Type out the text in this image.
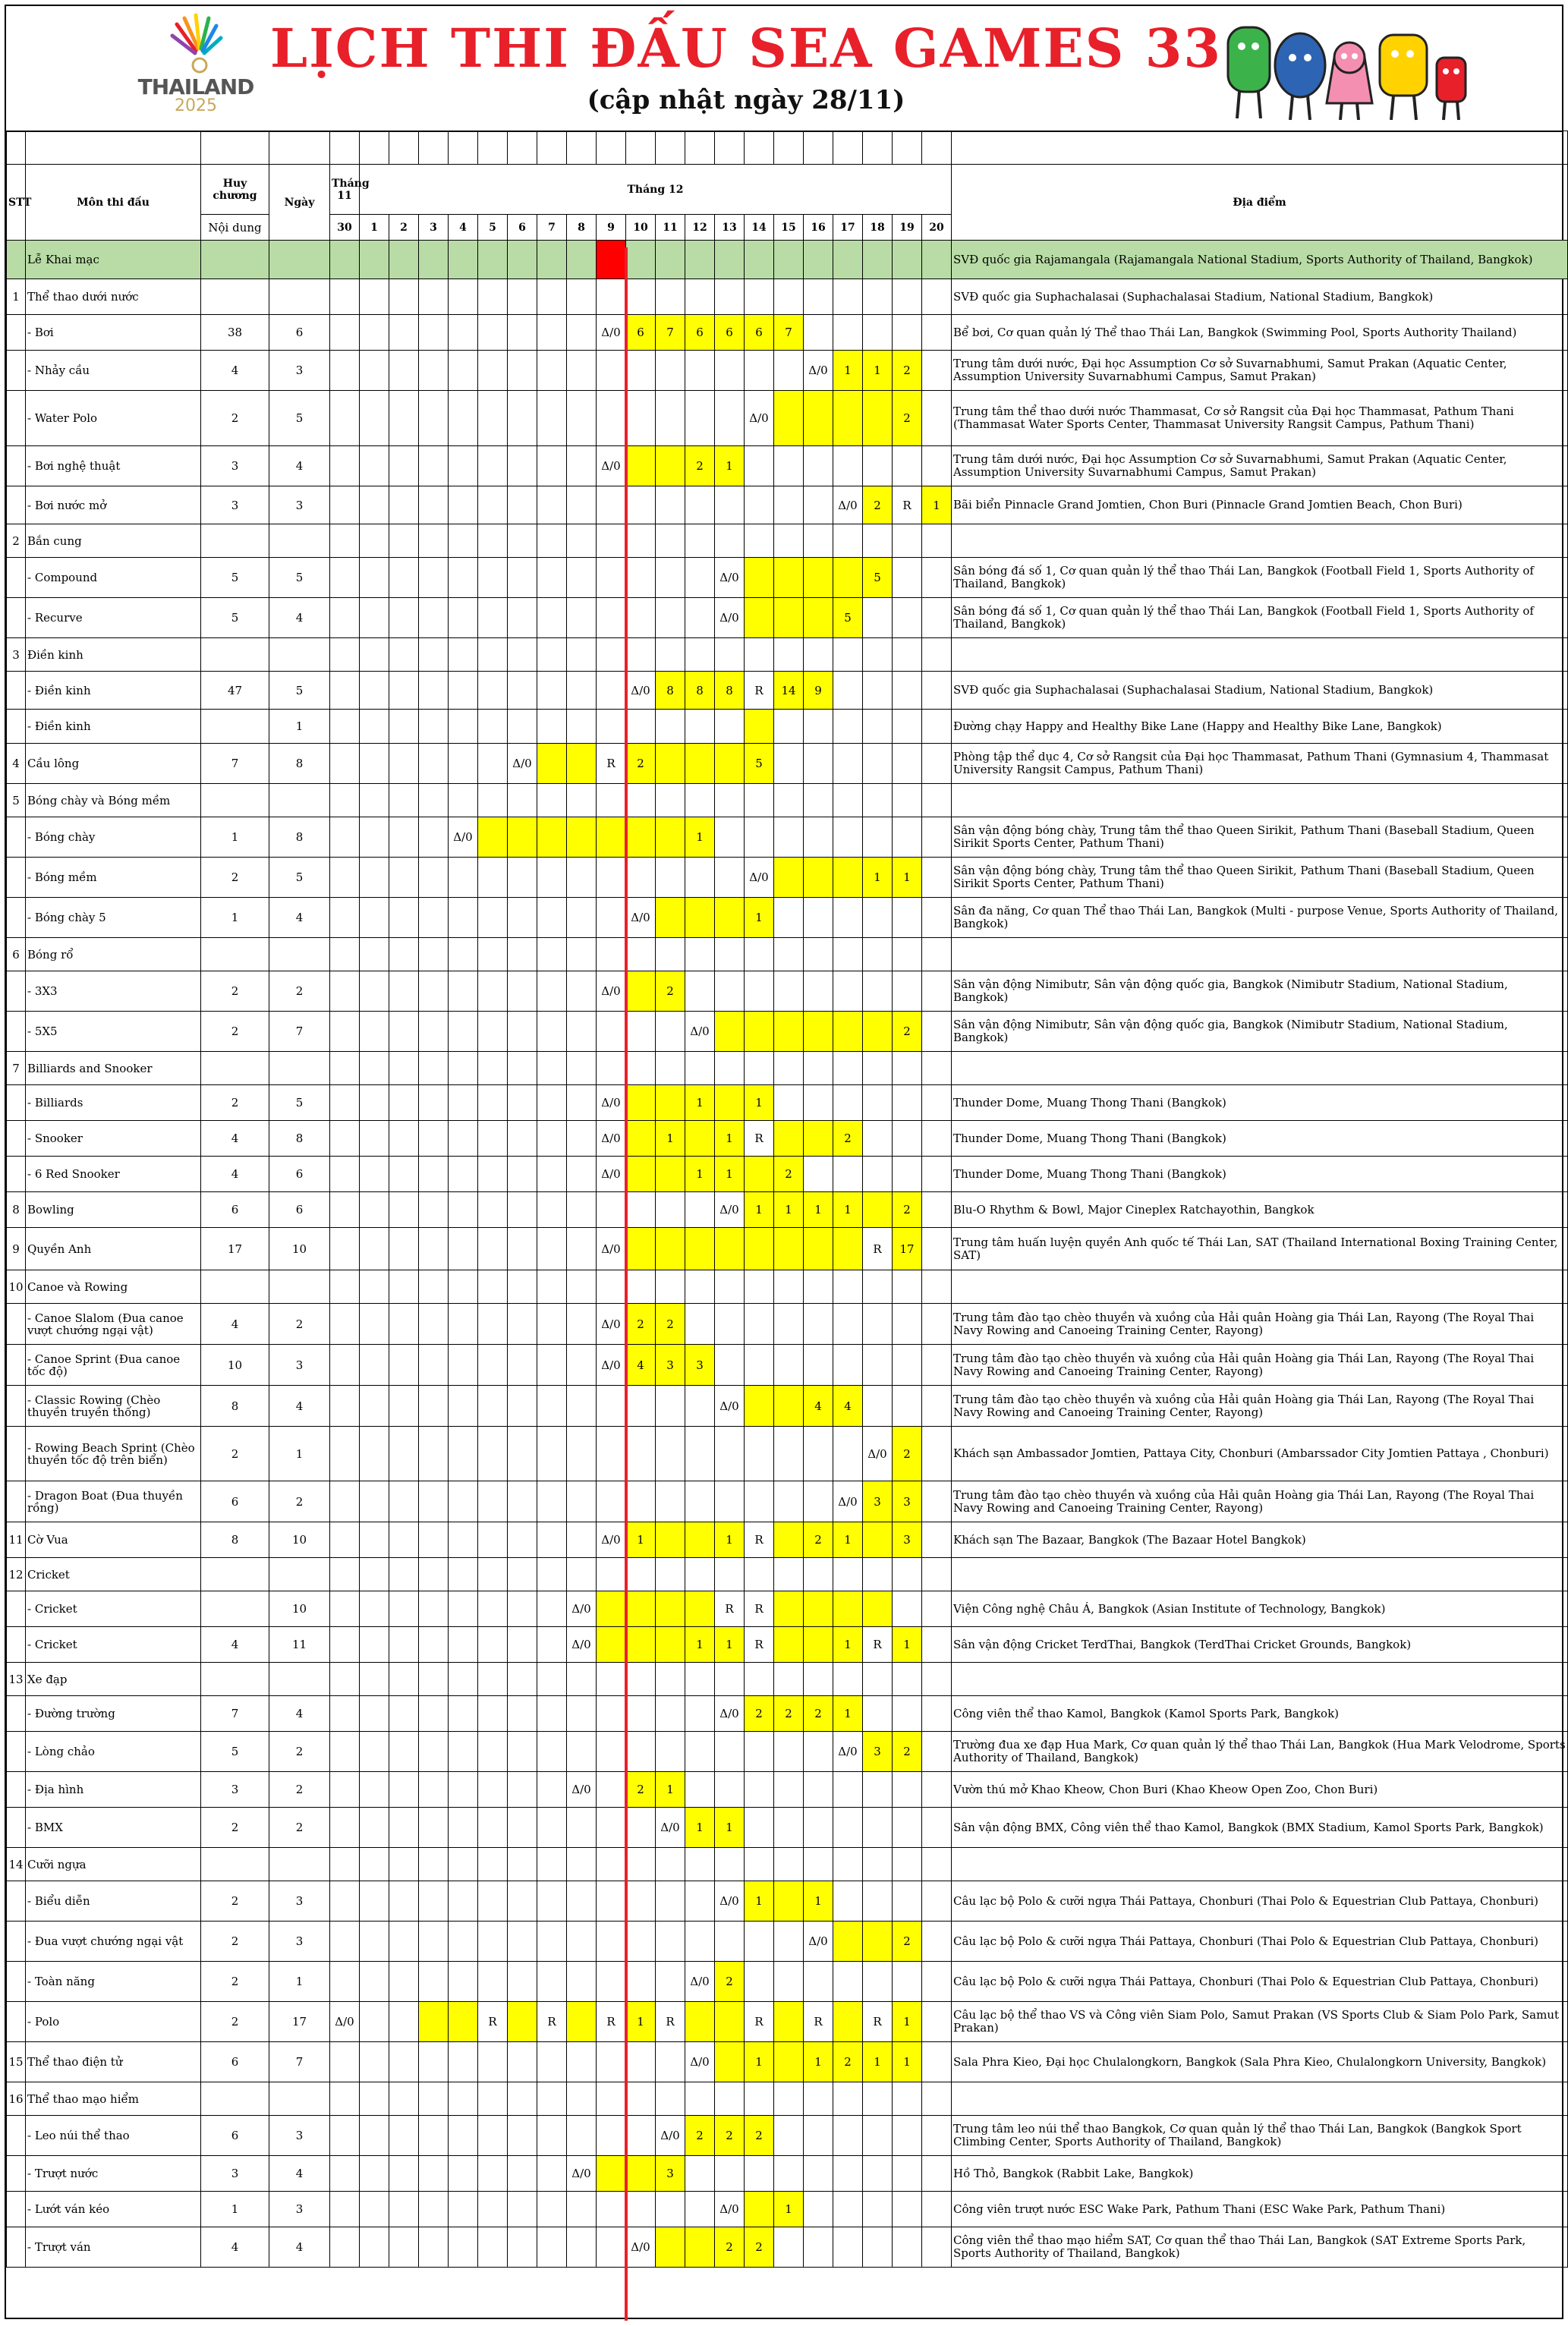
THAILAND
2025
LỊCH THI ĐẤU SEA GAMES 33
(cập nhật ngày 28/11)

STT	Môn thi đấu	Huy chương	Ngày	Tháng 11	Tháng 12																				Địa điểm
		Nội dung		30	1	2	3	4	5	6	7	8	9	10	11	12	13	14	15	16	17	18	19	20	
	Lễ Khai mạc																								SVĐ quốc gia Rajamangala (Rajamangala National Stadium, Sports Authority of Thailand, Bangkok)
1	Thể thao dưới nước																								SVĐ quốc gia Suphachalasai (Suphachalasai Stadium, National Stadium, Bangkok)
	- Bơi	38	6										Δ/0	6	7	6	6	6	7						Bể bơi, Cơ quan quản lý Thể thao Thái Lan, Bangkok (Swimming Pool, Sports Authority Thailand)
	- Nhảy cầu	4	3																	Δ/0	1	1	2		Trung tâm dưới nước, Đại học Assumption Cơ sở Suvarnabhumi, Samut Prakan (Aquatic Center, Assumption University Suvarnabhumi Campus, Samut Prakan)
	- Water Polo	2	5															Δ/0					2		Trung tâm thể thao dưới nước Thammasat, Cơ sở Rangsit của Đại học Thammasat, Pathum Thani (Thammasat Water Sports Center, Thammasat University Rangsit Campus, Pathum Thani)
	- Bơi nghệ thuật	3	4										Δ/0			2	1								Trung tâm dưới nước, Đại học Assumption Cơ sở Suvarnabhumi, Samut Prakan (Aquatic Center, Assumption University Suvarnabhumi Campus, Samut Prakan)
	- Bơi nước mở	3	3																		Δ/0	2	R	1	Bãi biển Pinnacle Grand Jomtien, Chon Buri (Pinnacle Grand Jomtien Beach, Chon Buri)
2	Bắn cung																								
	- Compound	5	5														Δ/0					5			Sân bóng đá số 1, Cơ quan quản lý thể thao Thái Lan, Bangkok (Football Field 1, Sports Authority of Thailand, Bangkok)
	- Recurve	5	4														Δ/0				5				Sân bóng đá số 1, Cơ quan quản lý thể thao Thái Lan, Bangkok (Football Field 1, Sports Authority of Thailand, Bangkok)
3	Điền kinh																								
	- Điền kinh	47	5											Δ/0	8	8	8	R	14	9					SVĐ quốc gia Suphachalasai (Suphachalasai Stadium, National Stadium, Bangkok)
	- Điền kinh		1																						Đường chạy Happy and Healthy Bike Lane (Happy and Healthy Bike Lane, Bangkok)
4	Cầu lông	7	8							Δ/0			R	2				5							Phòng tập thể dục 4, Cơ sở Rangsit của Đại học Thammasat, Pathum Thani (Gymnasium 4, Thammasat University Rangsit Campus, Pathum Thani)
5	Bóng chày và Bóng mềm																								
	- Bóng chày	1	8					Δ/0								1									Sân vận động bóng chày, Trung tâm thể thao Queen Sirikit, Pathum Thani (Baseball Stadium, Queen Sirikit Sports Center, Pathum Thani)
	- Bóng mềm	2	5															Δ/0				1	1		Sân vận động bóng chày, Trung tâm thể thao Queen Sirikit, Pathum Thani (Baseball Stadium, Queen Sirikit Sports Center, Pathum Thani)
	- Bóng chày 5	1	4											Δ/0				1							Sân đa năng, Cơ quan Thể thao Thái Lan, Bangkok (Multi - purpose Venue, Sports Authority of Thailand, Bangkok)
6	Bóng rổ																								
	- 3X3	2	2										Δ/0		2										Sân vận động Nimibutr, Sân vận động quốc gia, Bangkok (Nimibutr Stadium, National Stadium, Bangkok)
	- 5X5	2	7													Δ/0							2		Sân vận động Nimibutr, Sân vận động quốc gia, Bangkok (Nimibutr Stadium, National Stadium, Bangkok)
7	Billiards and Snooker																								
	- Billiards	2	5										Δ/0			1		1							Thunder Dome, Muang Thong Thani (Bangkok)
	- Snooker	4	8										Δ/0		1		1	R			2				Thunder Dome, Muang Thong Thani (Bangkok)
	- 6 Red Snooker	4	6										Δ/0			1	1		2						Thunder Dome, Muang Thong Thani (Bangkok)
8	Bowling	6	6														Δ/0	1	1	1	1		2		Blu-O Rhythm & Bowl, Major Cineplex Ratchayothin, Bangkok
9	Quyền Anh	17	10										Δ/0									R	17		Trung tâm huấn luyện quyền Anh quốc tế Thái Lan, SAT (Thailand International Boxing Training Center, SAT)
10	Canoe và Rowing																								
	- Canoe Slalom (Đua canoe vượt chướng ngại vật)	4	2										Δ/0	2	2										Trung tâm đào tạo chèo thuyền và xuồng của Hải quân Hoàng gia Thái Lan, Rayong (The Royal Thai Navy Rowing and Canoeing Training Center, Rayong)
	- Canoe Sprint (Đua canoe tốc độ)	10	3										Δ/0	4	3	3									Trung tâm đào tạo chèo thuyền và xuồng của Hải quân Hoàng gia Thái Lan, Rayong (The Royal Thai Navy Rowing and Canoeing Training Center, Rayong)
	- Classic Rowing (Chèo thuyền truyền thống)	8	4														Δ/0			4	4				Trung tâm đào tạo chèo thuyền và xuồng của Hải quân Hoàng gia Thái Lan, Rayong (The Royal Thai Navy Rowing and Canoeing Training Center, Rayong)
	- Rowing Beach Sprint (Chèo thuyền tốc độ trên biển)	2	1																			Δ/0	2		Khách sạn Ambassador Jomtien, Pattaya City, Chonburi (Ambarssador City Jomtien Pattaya , Chonburi)
	- Dragon Boat (Đua thuyền rồng)	6	2																		Δ/0	3	3		Trung tâm đào tạo chèo thuyền và xuồng của Hải quân Hoàng gia Thái Lan, Rayong (The Royal Thai Navy Rowing and Canoeing Training Center, Rayong)
11	Cờ Vua	8	10										Δ/0	1			1	R		2	1		3		Khách sạn The Bazaar, Bangkok (The Bazaar Hotel Bangkok)
12	Cricket																								
	- Cricket		10									Δ/0					R	R							Viện Công nghệ Châu Á, Bangkok (Asian Institute of Technology, Bangkok)
	- Cricket	4	11									Δ/0				1	1	R			1	R	1		Sân vận động Cricket TerdThai, Bangkok (TerdThai Cricket Grounds, Bangkok)
13	Xe đạp																								
	- Đường trường	7	4														Δ/0	2	2	2	1				Công viên thể thao Kamol, Bangkok (Kamol Sports Park, Bangkok)
	- Lòng chảo	5	2																		Δ/0	3	2		Trường đua xe đạp Hua Mark, Cơ quan quản lý thể thao Thái Lan, Bangkok (Hua Mark Velodrome, Sports Authority of Thailand, Bangkok)
	- Địa hình	3	2									Δ/0		2	1										Vườn thú mở Khao Kheow, Chon Buri (Khao Kheow Open Zoo, Chon Buri)
	- BMX	2	2												Δ/0	1	1								Sân vận động BMX, Công viên thể thao Kamol, Bangkok (BMX Stadium, Kamol Sports Park, Bangkok)
14	Cưỡi ngựa																								
	- Biểu diễn	2	3														Δ/0	1		1					Câu lạc bộ Polo & cưỡi ngựa Thái Pattaya, Chonburi (Thai Polo & Equestrian Club Pattaya, Chonburi)
	- Đua vượt chướng ngại vật	2	3																	Δ/0			2		Câu lạc bộ Polo & cưỡi ngựa Thái Pattaya, Chonburi (Thai Polo & Equestrian Club Pattaya, Chonburi)
	- Toàn năng	2	1													Δ/0	2								Câu lạc bộ Polo & cưỡi ngựa Thái Pattaya, Chonburi (Thai Polo & Equestrian Club Pattaya, Chonburi)
	- Polo	2	17	Δ/0					R		R		R	1	R			R		R		R	1		Câu lạc bộ thể thao VS và Công viên Siam Polo, Samut Prakan (VS Sports Club & Siam Polo Park, Samut Prakan)
15	Thể thao điện tử	6	7													Δ/0		1		1	2	1	1		Sala Phra Kieo, Đại học Chulalongkorn, Bangkok (Sala Phra Kieo, Chulalongkorn University, Bangkok)
16	Thể thao mạo hiểm																								
	- Leo núi thể thao	6	3												Δ/0	2	2	2							Trung tâm leo núi thể thao Bangkok, Cơ quan quản lý thể thao Thái Lan, Bangkok (Bangkok Sport Climbing Center, Sports Authority of Thailand, Bangkok)
	- Trượt nước	3	4									Δ/0			3										Hồ Thỏ, Bangkok (Rabbit Lake, Bangkok)
	- Lướt ván kéo	1	3														Δ/0		1						Công viên trượt nước ESC Wake Park, Pathum Thani (ESC Wake Park, Pathum Thani)
	- Trượt ván	4	4											Δ/0			2	2							Công viên thể thao mạo hiểm SAT, Cơ quan thể thao Thái Lan, Bangkok (SAT Extreme Sports Park, Sports Authority of Thailand, Bangkok)
